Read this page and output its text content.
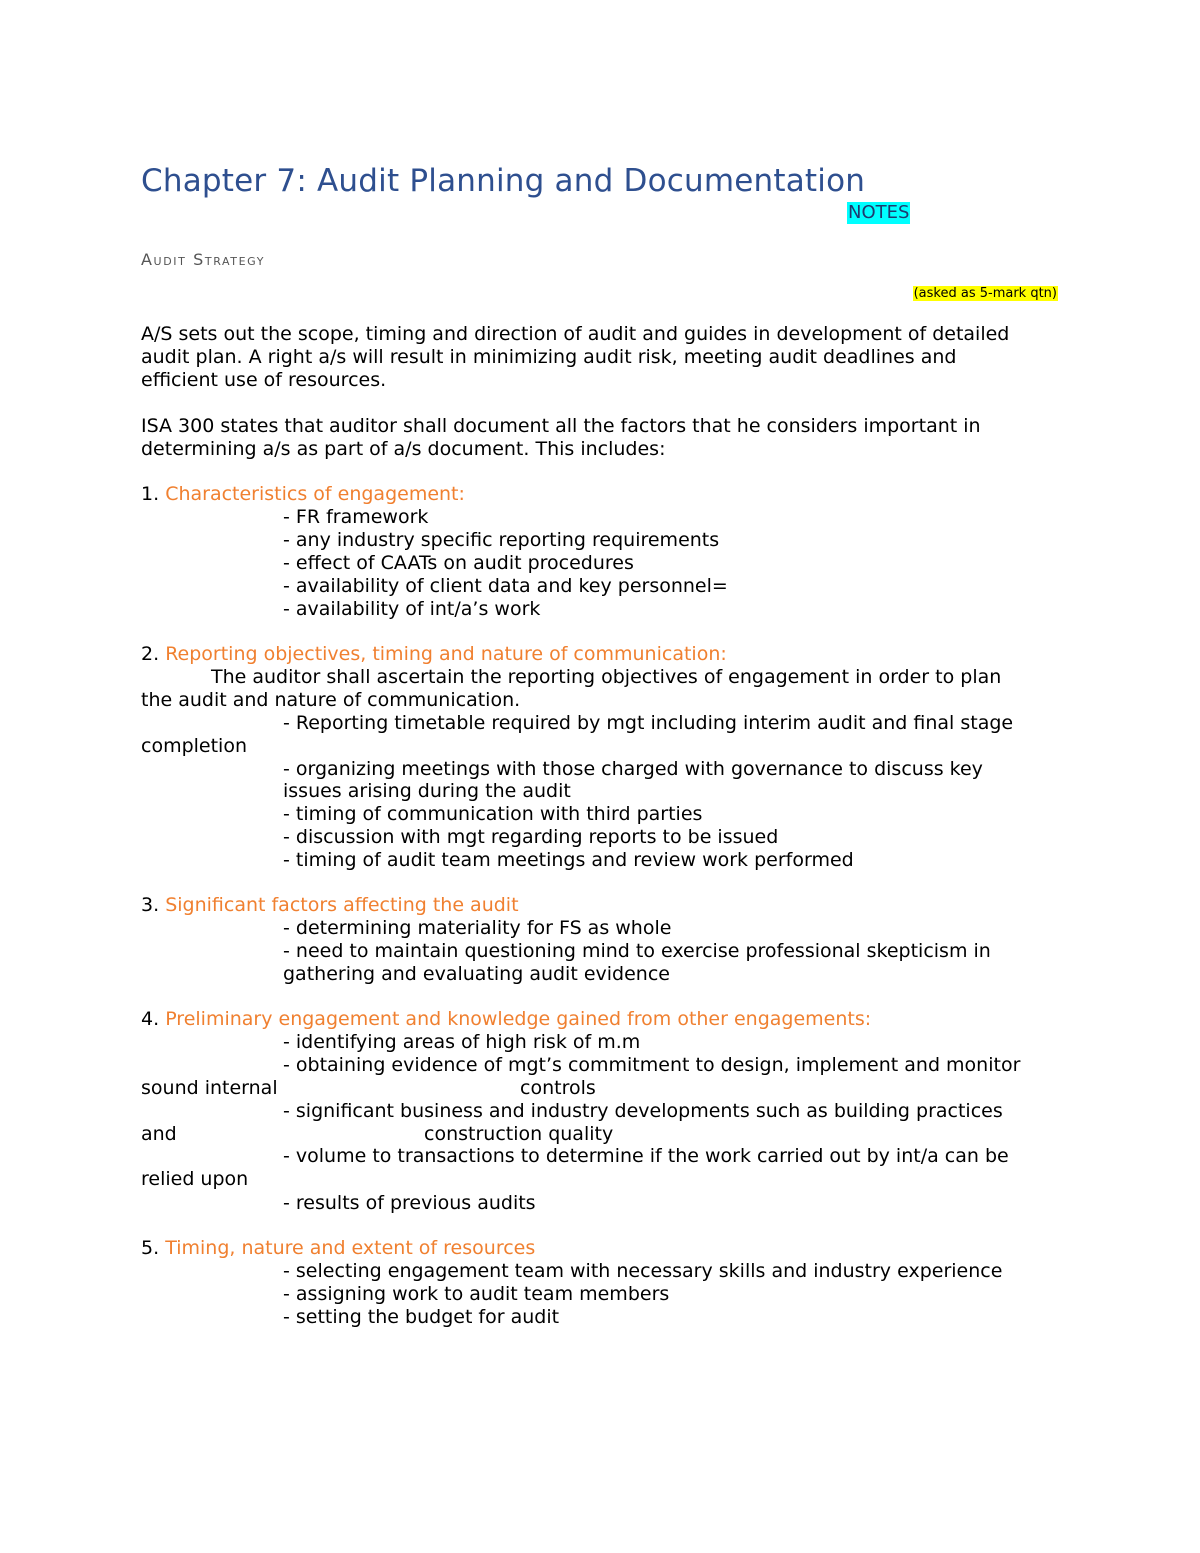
Chapter 7: Audit Planning and Documentation
NOTES
Audit Strategy
(asked as 5-mark qtn)
A/S sets out the scope, timing and direction of audit and guides in development of detailed
audit plan. A right a/s will result in minimizing audit risk, meeting audit deadlines and
efficient use of resources.
ISA 300 states that auditor shall document all the factors that he considers important in
determining a/s as part of a/s document. This includes:
1. Characteristics of engagement:
- FR framework
- any industry specific reporting requirements
- effect of CAATs on audit procedures
- availability of client data and key personnel=
- availability of int/a’s work
2. Reporting objectives, timing and nature of communication:
The auditor shall ascertain the reporting objectives of engagement in order to plan
the audit and nature of communication.
- Reporting timetable required by mgt including interim audit and final stage
completion
- organizing meetings with those charged with governance to discuss key
issues arising during the audit
- timing of communication with third parties
- discussion with mgt regarding reports to be issued
- timing of audit team meetings and review work performed
3. Significant factors affecting the audit
- determining materiality for FS as whole
- need to maintain questioning mind to exercise professional skepticism in
gathering and evaluating audit evidence
4. Preliminary engagement and knowledge gained from other engagements:
- identifying areas of high risk of m.m
- obtaining evidence of mgt’s commitment to design, implement and monitor
sound internal	controls
- significant business and industry developments such as building practices
and	construction quality
- volume to transactions to determine if the work carried out by int/a can be
relied upon
- results of previous audits
5. Timing, nature and extent of resources
- selecting engagement team with necessary skills and industry experience
- assigning work to audit team members
- setting the budget for audit
